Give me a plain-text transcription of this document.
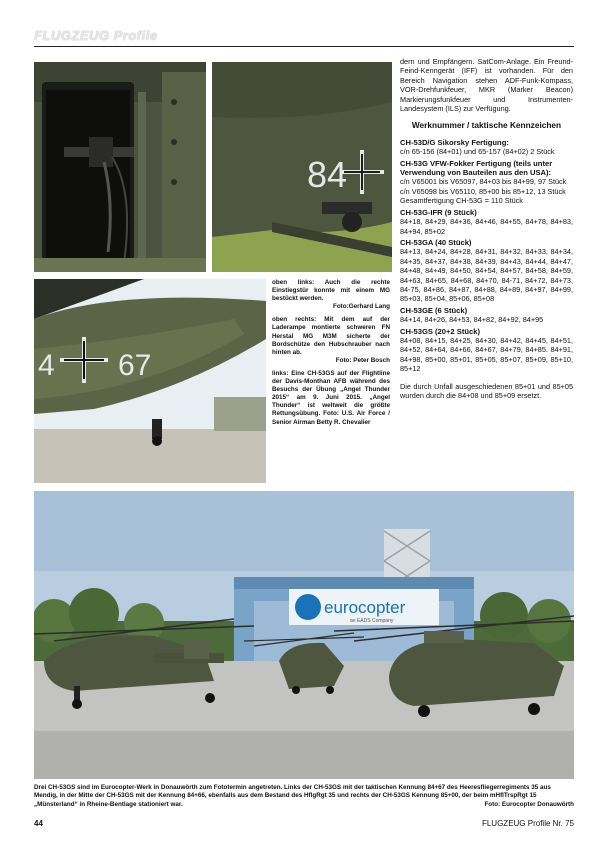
FLUGZEUG Profile
84
4 67

oben links: Auch die rechte Einstiegstür konnte mit einem MG bestückt werden.
Foto:Gerhard Lang

oben rechts: Mit dem auf der Laderampe montierte schweren FN Herstal MG M3M sicherte der Bordschütze den Hubschrauber nach hinten ab.
Foto: Peter Bosch

links: Eine CH-53GS auf der Flightline der Davis-Monthan AFB während des Besuchs der Übung „Angel Thunder 2015“ am 9. Juni 2015. „Angel Thunder“ ist weltweit die größte Rettungsübung. Foto: U.S. Air Force / Senior Airman Betty R. Chevalier

dern und Empfängern. SatCom-Anlage. Ein Freund-Feind-Kenngerät (IFF) ist vorhanden. Für den Bereich Navigation stehen ADF-Funk-Kompass, VOR-Drehfunkfeuer, MKR (Marker Beacon) Markierungsfunkfeuer und Instrumenten-Landesystem (ILS) zur Verfügung.
Werknummer / taktische Kennzeichen
CH-53D/G Sikorsky Fertigung:
c/n 65-156 (84+01) und 65-157 (84+02) 2 Stück
CH-53G VFW-Fokker Fertigung (teils unter Verwendung von Bauteilen aus den USA):
c/n V65001 bis V65097, 84+03 bis 84+99, 97 Stück
c/n V65098 bis V65110, 85+00 bis 85+12, 13 Stück
Gesamtfertigung CH-53G = 110 Stück
CH-53G-IFR (9 Stück)
84+18, 84+29, 84+36, 84+46, 84+55, 84+78, 84+83, 84+94, 85+02
CH-53GA (40 Stück)
84+13, 84+24, 84+28, 84+31, 84+32, 84+33, 84+34, 84+35, 84+37, 84+38, 84+39, 84+43, 84+44, 84+47, 84+48, 84+49, 84+50, 84+54, 84+57, 84+58, 84+59, 84+63, 84+65, 84+68, 84+70, 84-71, 84+72, 84+73, 84-75, 84+86, 84+87, 84+88, 84+89, 84+97, 84+99, 85+03, 85+04, 85+06, 85+08
CH-53GE (6 Stück)
84+14, 84+26, 84+53, 84+82, 84+92, 84+95
CH-53GS (20+2 Stück)
84+08, 84+15, 84+25, 84+30, 84+42, 84+45, 84+51, 84+52, 84+64, 84+66, 84+67, 84+79, 84+85. 84+91, 84+98, 85+00, 85+01, 85+05, 85+07, 85+09, 85+10, 85+12
Die durch Unfall ausgeschiedenen 85+01 und 85+05 wurden durch die 84+08 und 85+09 ersetzt.
eurocopter
an EADS Company
Drei CH-53GS sind im Eurocopter-Werk in Donauwörth zum Fototermin angetreten. Links der CH-53GS mit der taktischen Kennung 84+67 des Heeresfliegerregiments 35 aus Mendig, in der Mitte der CH-53GS mit der Kennung 84+66, ebenfalls aus dem Bestand des HflgRgt 35 und rechts der CH-53GS Kennung 85+00, der beim mHflTrspRgt 15 „Münsterland“ in Rheine-Bentlage stationiert war.	Foto: Eurocopter Donauwörth
44	FLUGZEUG Profile Nr. 75
